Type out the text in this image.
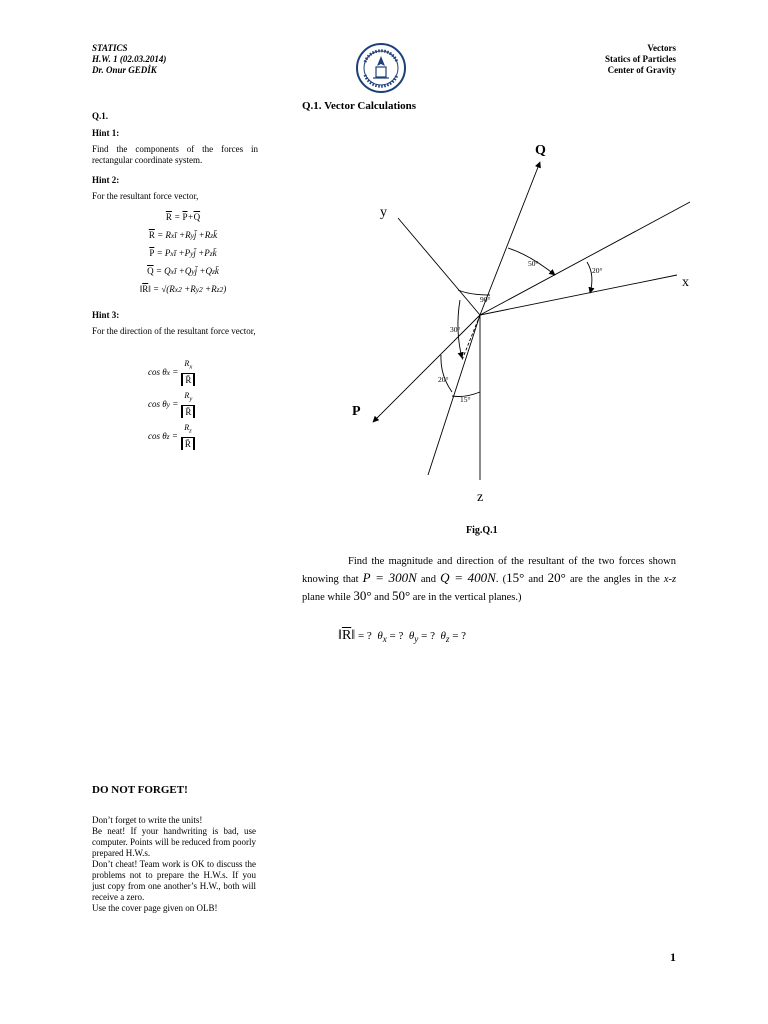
STATICS
H.W. 1 (02.03.2014)
Dr. Onur GEDİK
Vectors
Statics of Particles
Center of Gravity
Q.1.
Hint 1:

Find the components of the forces in rectangular coordinate system.

Hint 2:

For the resultant force vector,

$\overline{R} = \overline{P} + \overline{Q}$
$\overline{R} = R$ x ī +R y j̄ +R z k̄
$\overline{P} = P$ x ī +P y j̄ +P z k̄
$\overline{Q} = Q$ x ī +Q y j̄ +Q z k̄
‖ $\overline{R}$ ‖ = √(R x 2 +R y 2 +R z 2 )
Hint 3:

For the direction of the resultant force vector,

cos θ $x = \frac{R_x}{R̄}$
cos θ $y = \frac{R_y}{R̄}$
cos θ $z = \frac{R_z}{R̄}$
Q.1. Vector Calculations
Q
y
x
P
z
50°
20°
90°
30°
20°
15°
Fig.Q.1
Find the magnitude and direction of the resultant of the two forces shown knowing that P = 300N and Q = 400N. (15° and 20° are the angles in the x-z plane while 30° and 50° are in the vertical planes.)
$‖\overline{R}‖$ = ? $\theta_x$ = ? $\theta_y$ = ? $\theta_z$ = ?
DO NOT FORGET!
Don’t forget to write the units!
Be neat! If your handwriting is bad, use computer. Points will be reduced from poorly prepared H.W.s.
Don’t cheat! Team work is OK to discuss the problems not to prepare the H.W.s. If you just copy from one another’s H.W., both will receive a zero.
Use the cover page given on OLB!
1
